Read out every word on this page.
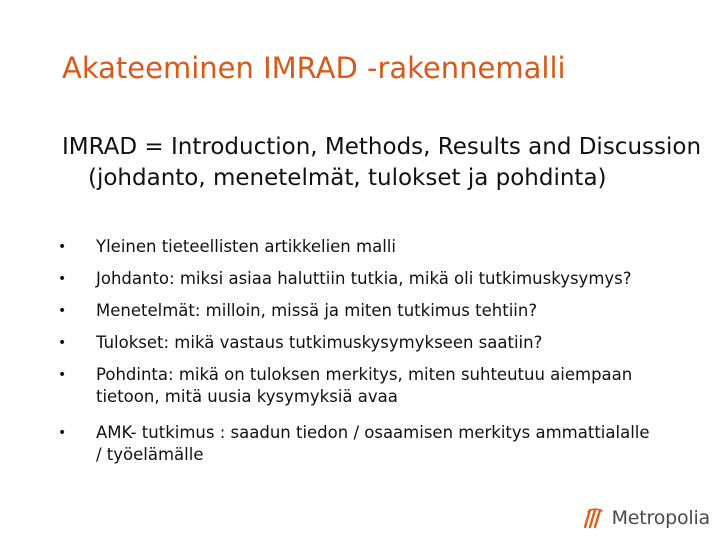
Akateeminen IMRAD -rakennemalli

IMRAD = Introduction, Methods, Results and Discussion (johdanto, menetelmät, tulokset ja pohdinta)

•	Yleinen tieteellisten artikkelien malli
•	Johdanto: miksi asiaa haluttiin tutkia, mikä oli tutkimuskysymys?
•	Menetelmät: milloin, missä ja miten tutkimus tehtiin?
•	Tulokset: mikä vastaus tutkimuskysymykseen saatiin?
•	Pohdinta: mikä on tuloksen merkitys, miten suhteutuu aiempaan tietoon, mitä uusia kysymyksiä avaa
•	AMK- tutkimus : saadun tiedon / osaamisen merkitys ammattialalle / työelämälle
Metropolia
